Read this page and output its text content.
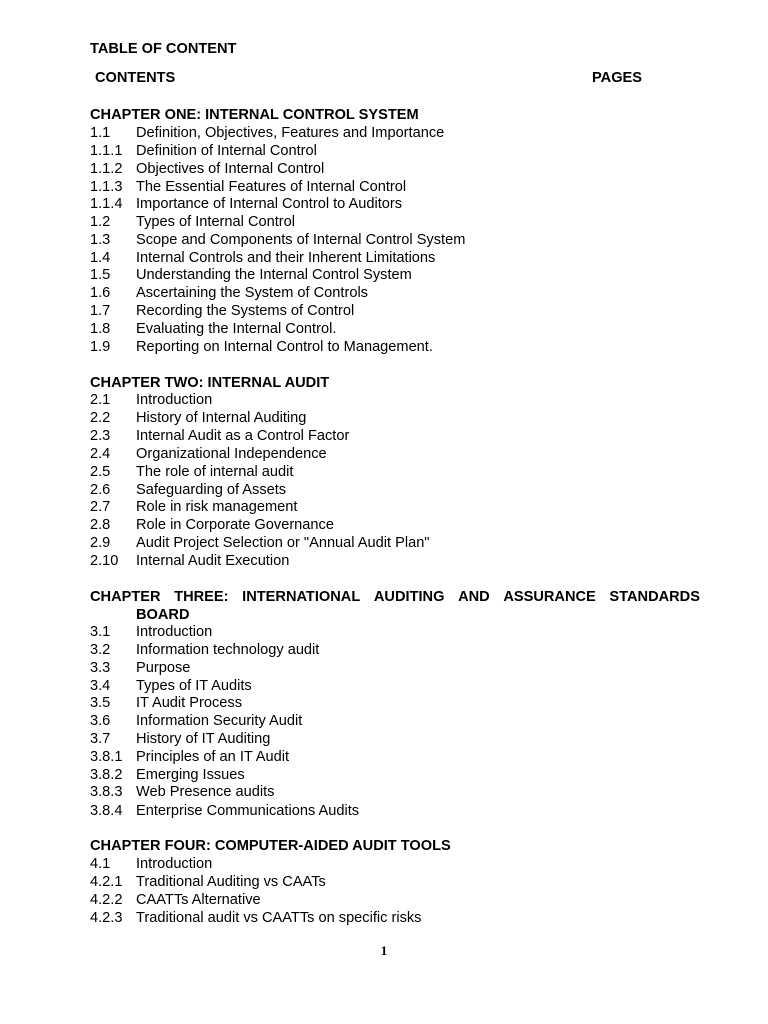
TABLE OF CONTENT
CONTENTS	PAGES
CHAPTER ONE: INTERNAL CONTROL SYSTEM
1.1 Definition, Objectives, Features and Importance
1.1.1 Definition of Internal Control
1.1.2 Objectives of Internal Control
1.1.3 The Essential Features of Internal Control
1.1.4 Importance of Internal Control to Auditors
1.2 Types of Internal Control
1.3 Scope and Components of Internal Control System
1.4 Internal Controls and their Inherent Limitations
1.5 Understanding the Internal Control System
1.6 Ascertaining the System of Controls
1.7 Recording the Systems of Control
1.8 Evaluating the Internal Control.
1.9 Reporting on Internal Control to Management.
CHAPTER TWO: INTERNAL AUDIT
2.1 Introduction
2.2 History of Internal Auditing
2.3 Internal Audit as a Control Factor
2.4 Organizational Independence
2.5 The role of internal audit
2.6 Safeguarding of Assets
2.7 Role in risk management
2.8 Role in Corporate Governance
2.9 Audit Project Selection or "Annual Audit Plan"
2.10 Internal Audit Execution
CHAPTER THREE: INTERNATIONAL AUDITING AND ASSURANCE STANDARDS
BOARD
3.1 Introduction
3.2 Information technology audit
3.3 Purpose
3.4 Types of IT Audits
3.5 IT Audit Process
3.6 Information Security Audit
3.7 History of IT Auditing
3.8.1 Principles of an IT Audit
3.8.2 Emerging Issues
3.8.3 Web Presence audits
3.8.4 Enterprise Communications Audits
CHAPTER FOUR: COMPUTER-AIDED AUDIT TOOLS
4.1 Introduction
4.2.1 Traditional Auditing vs CAATs
4.2.2 CAATTs Alternative
4.2.3 Traditional audit vs CAATTs on specific risks
1
